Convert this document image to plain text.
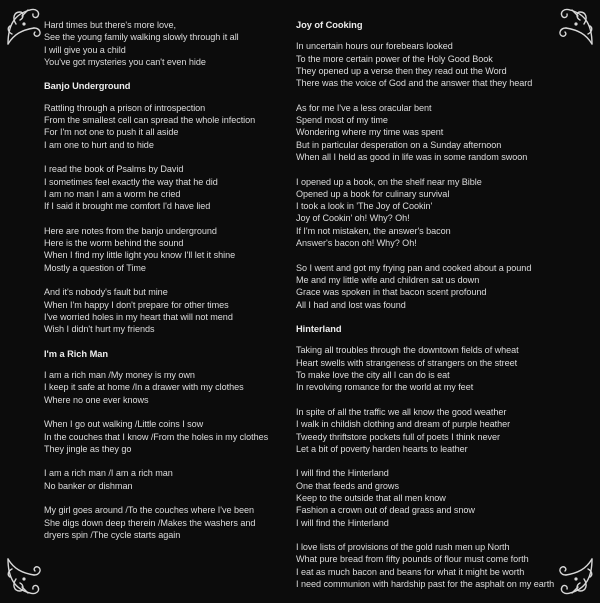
Hard times but there's more love,
See the young family walking slowly through it all
I will give you a child
You've got mysteries you can't even hide
Banjo Underground
Rattling through a prison of introspection
From the smallest cell can spread the whole infection
For I'm not one to push it all aside
I am one to hurt and to hide
I read the book of Psalms by David
I sometimes feel exactly the way that he did
I am no man I am a worm he cried
If I said it brought me comfort I'd have lied
Here are notes from the banjo underground
Here is the worm behind the sound
When I find my little light you know I'll let it shine
Mostly a question of Time
And it's nobody's fault but mine
When I'm happy I don't prepare for other times
I've worried holes in my heart that will not mend
Wish I didn't hurt my friends
I'm a Rich Man
I am a rich man /My money is my own
I keep it safe at home /In a drawer with my clothes
Where no one ever knows
When I go out walking /Little coins I sow
In the couches that I know /From the holes in my clothes
They jingle as they go
I am a rich man /I am a rich man
No banker or dishman
My girl goes around /To the couches where I've been
She digs down deep therein /Makes the washers and
dryers spin /The cycle starts again
Joy of Cooking
In uncertain hours our forebears looked
To the more certain power of the Holy Good Book
They opened up a verse then they read out the Word
There was the voice of God and the answer that they heard
As for me I've a less oracular bent
Spend most of my time
Wondering where my time was spent
But in particular desperation on a Sunday afternoon
When all I held as good in life was in some random swoon
I opened up a book, on the shelf near my Bible
Opened up a book for culinary survival
I took a look in 'The Joy of Cookin'
Joy of Cookin' oh! Why? Oh!
If I'm not mistaken, the answer's bacon
Answer's bacon oh! Why? Oh!
So I went and got my frying pan and cooked about a pound
Me and my little wife and children sat us down
Grace was spoken in that bacon scent profound
All I had and lost was found
Hinterland
Taking all troubles through the downtown fields of wheat
Heart swells with strangeness of strangers on the street
To make love the city all I can do is eat
In revolving romance for the world at my feet
In spite of all the traffic we all know the good weather
I walk in childish clothing and dream of purple heather
Tweedy thriftstore pockets full of poets I think never
Let a bit of poverty harden hearts to leather
I will find the Hinterland
One that feeds and grows
Keep to the outside that all men know
Fashion a crown out of dead grass and snow
I will find the Hinterland
I love lists of provisions of the gold rush men up North
What pure bread from fifty pounds of flour must come forth
I eat as much bacon and beans for what it might be worth
I need communion with hardship past for the asphalt on my earth
